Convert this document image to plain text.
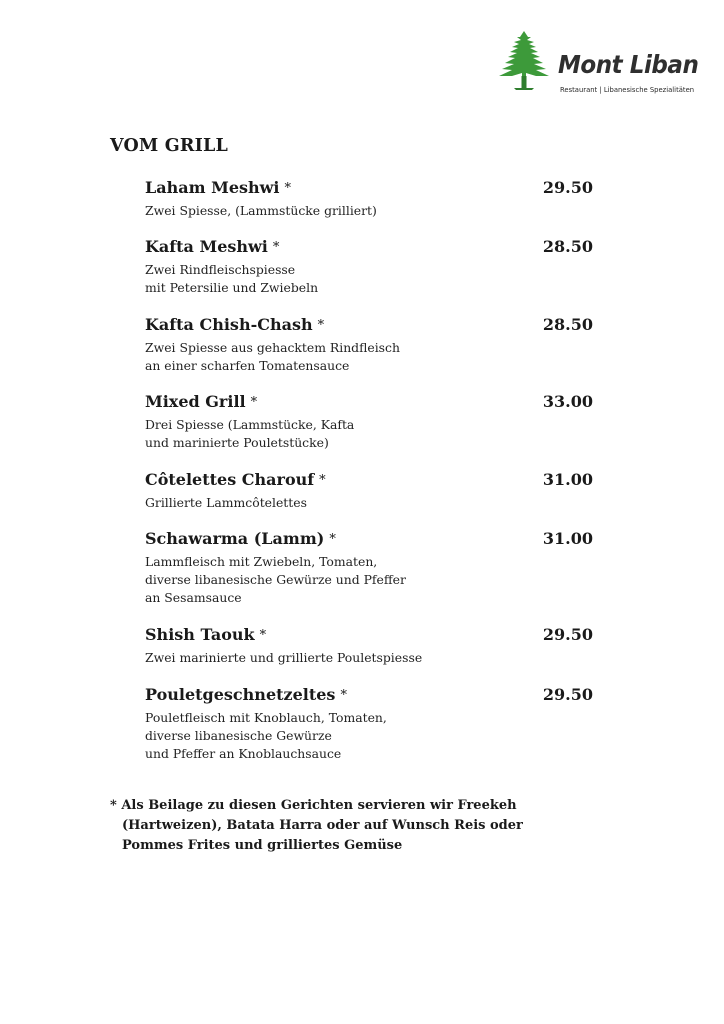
Mont Liban
Restaurant | Libanesische Spezialitäten
VOM GRILL
Laham Meshwi *	29.50
Zwei Spiesse, (Lammstücke grilliert)
Kafta Meshwi *	28.50
Zwei Rindfleischspiesse
mit Petersilie und Zwiebeln
Kafta Chish-Chash *	28.50
Zwei Spiesse aus gehacktem Rindfleisch
an einer scharfen Tomatensauce
Mixed Grill *	33.00
Drei Spiesse (Lammstücke, Kafta
und marinierte Pouletstücke)
Côtelettes Charouf *	31.00
Grillierte Lammcôtelettes
Schawarma (Lamm) *	31.00
Lammfleisch mit Zwiebeln, Tomaten,
diverse libanesische Gewürze und Pfeffer
an Sesamsauce
Shish Taouk *	29.50
Zwei marinierte und grillierte Pouletspiesse
Pouletgeschnetzeltes *	29.50
Pouletfleisch mit Knoblauch, Tomaten,
diverse libanesische Gewürze
und Pfeffer an Knoblauchsauce
* Als Beilage zu diesen Gerichten servieren wir Freekeh
(Hartweizen), Batata Harra oder auf Wunsch Reis oder
Pommes Frites und grilliertes Gemüse
